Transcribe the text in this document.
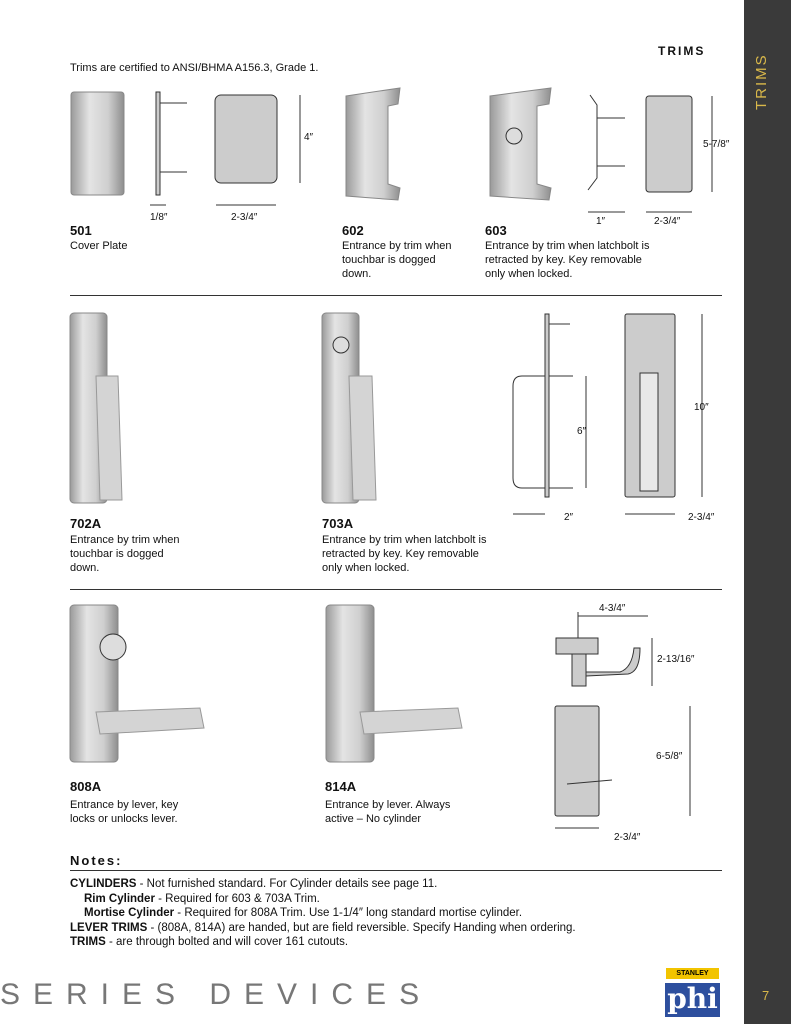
TRIMS
7
TRIMS
Trims are certified to ANSI/BHMA A156.3, Grade 1.
1/8″	2-3/4″
4″
5-7/8″
1″	2-3/4″
6″
2″
10″
2-3/4″
4-3/4″
2-13/16″
6-5/8″
2-3/4″
501
Cover Plate
602
Entrance by trim when
touchbar is dogged
down.
603
Entrance by trim when latchbolt is
retracted by key. Key removable
only when locked.
702A
Entrance by trim when
touchbar is dogged
down.
703A
Entrance by trim when latchbolt is
retracted by key. Key removable
only when locked.
808A
Entrance by lever, key
locks or unlocks lever.
814A
Entrance by lever. Always
active – No cylinder
Notes:
CYLINDERS - Not furnished standard. For Cylinder details see page 11.
Rim Cylinder - Required for 603 & 703A Trim.
Mortise Cylinder - Required for 808A Trim. Use 1-1/4″ long standard mortise cylinder.
LEVER TRIMS - (808A, 814A) are handed, but are field reversible. Specify Handing when ordering.
TRIMS - are through bolted and will cover 161 cutouts.
SERIES DEVICES
STANLEY
phi
